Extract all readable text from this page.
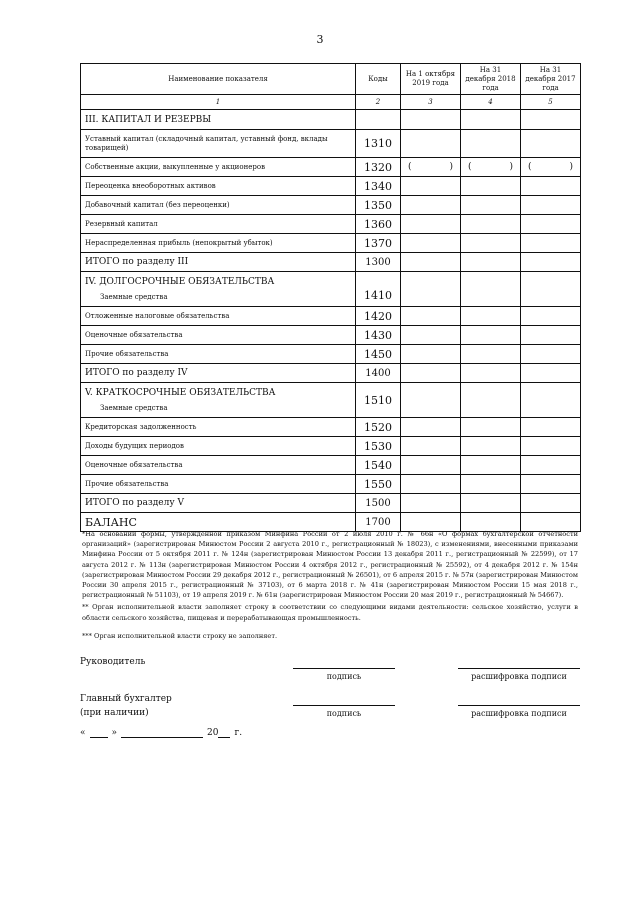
3
Наименование показателя	Коды	На 1 октября 2019 года	На 31 декабря 2018 года	На 31 декабря 2017 года
1	2	3	4	5
III. КАПИТАЛ И РЕЗЕРВЫ				
Уставный капитал (складочный капитал, уставный фонд, вклады товарищей)	1310			
Собственные акции, выкупленные у акционеров	1320	( )	( )	( )

Переоценка внеоборотных активов	1340			
Добавочный капитал (без переоценки)	1350			
Резервный капитал	1360			
Нераспределенная прибыль (непокрытый убыток)	1370			
ИТОГО по разделу III	1300			
IV. ДОЛГОСРОЧНЫЕ ОБЯЗАТЕЛЬСТВА
Заемные средства	1410			
Отложенные налоговые обязательства	1420			
Оценочные обязательства	1430			
Прочие обязательства	1450			
ИТОГО по разделу IV	1400			
V. КРАТКОСРОЧНЫЕ ОБЯЗАТЕЛЬСТВА
Заемные средства	1510			
Кредиторская задолженность	1520			
Доходы будущих периодов	1530			
Оценочные обязательства	1540			
Прочие обязательства	1550			
ИТОГО по разделу V	1500			
БАЛАНС	1700			

*На основании формы, утвержденной приказом Минфина России от 2 июля 2010 г. № 66н «О формах бухгалтерской отчетности организаций» (зарегистрирован Минюстом России 2 августа 2010 г., регистрационный № 18023), с изменениями, внесенными приказами Минфина России от 5 октября 2011 г. № 124н (зарегистрирован Минюстом России 13 декабря 2011 г., регистрационный № 22599), от 17 августа 2012 г. № 113н (зарегистрирован Минюстом России 4 октября 2012 г., регистрационный № 25592), от 4 декабря 2012 г. № 154н (зарегистрирован Минюстом России 29 декабря 2012 г., регистрационный № 26501), от 6 апреля 2015 г. № 57н (зарегистрирован Минюстом России 30 апреля 2015 г., регистрационный № 37103), от 6 марта 2018 г. № 41н (зарегистрирован Минюстом России 15 мая 2018 г., регистрационный № 51103), от 19 апреля 2019 г. № 61н (зарегистрирован Минюстом России 20 мая 2019 г., регистрационный № 54667).

** Орган исполнительной власти заполняет строку в соответствии со следующими видами деятельности: сельское хозяйство, услуги в области сельского хозяйства, пищевая и перерабатывающая промышленность.

*** Орган исполнительной власти строку не заполняет.

Руководитель
подпись	расшифровка подписи
Главный бухгалтер
(при наличии)	подпись	расшифровка подписи
«	»	20 г.
